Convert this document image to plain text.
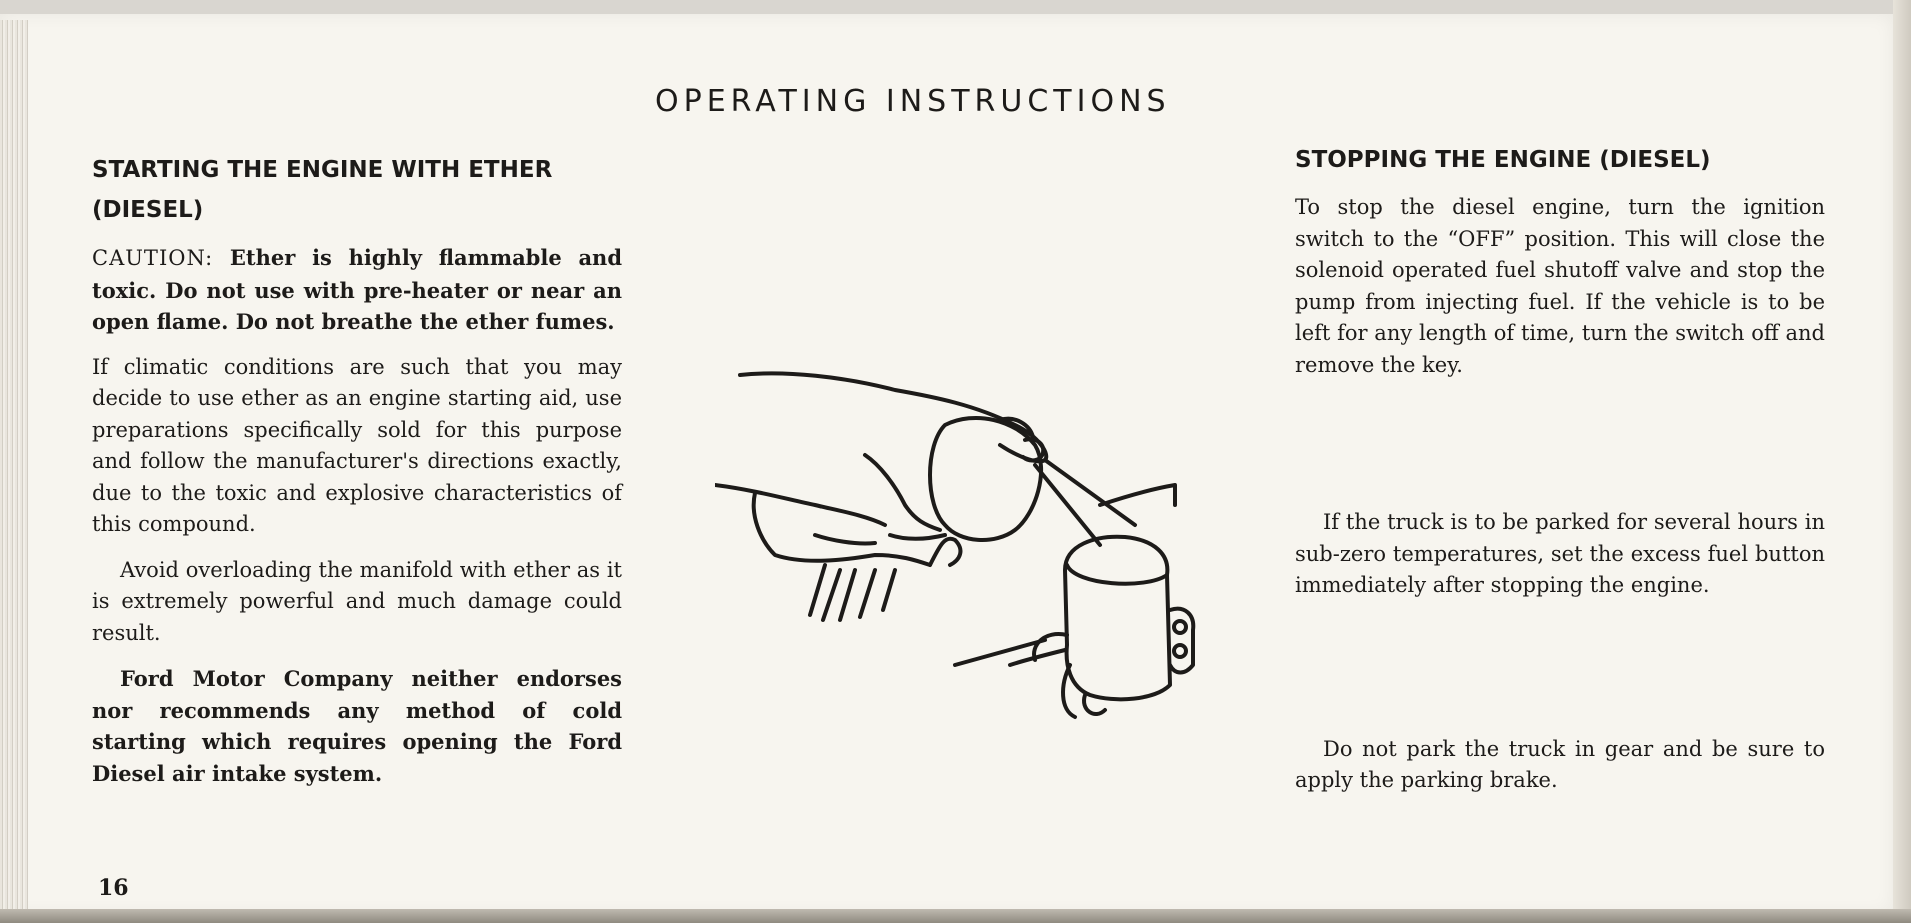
OPERATING INSTRUCTIONS
STARTING THE ENGINE WITH ETHER (DIESEL)

CAUTION: Ether is highly flammable and toxic. Do not use with pre-heater or near an open flame. Do not breathe the ether fumes.

If climatic conditions are such that you may decide to use ether as an engine starting aid, use preparations specifically sold for this purpose and follow the manufacturer's directions exactly, due to the toxic and explosive characteristics of this compound.

Avoid overloading the manifold with ether as it is extremely powerful and much damage could result.

Ford Motor Company neither endorses nor recommends any method of cold starting which requires opening the Ford Diesel air intake system.

STOPPING THE ENGINE (DIESEL)

To stop the diesel engine, turn the ignition switch to the “OFF” position. This will close the solenoid operated fuel shutoff valve and stop the pump from injecting fuel. If the vehicle is to be left for any length of time, turn the switch off and remove the key.

If the truck is to be parked for several hours in sub-zero temperatures, set the excess fuel button immediately after stopping the engine.

Do not park the truck in gear and be sure to apply the parking brake.

16
